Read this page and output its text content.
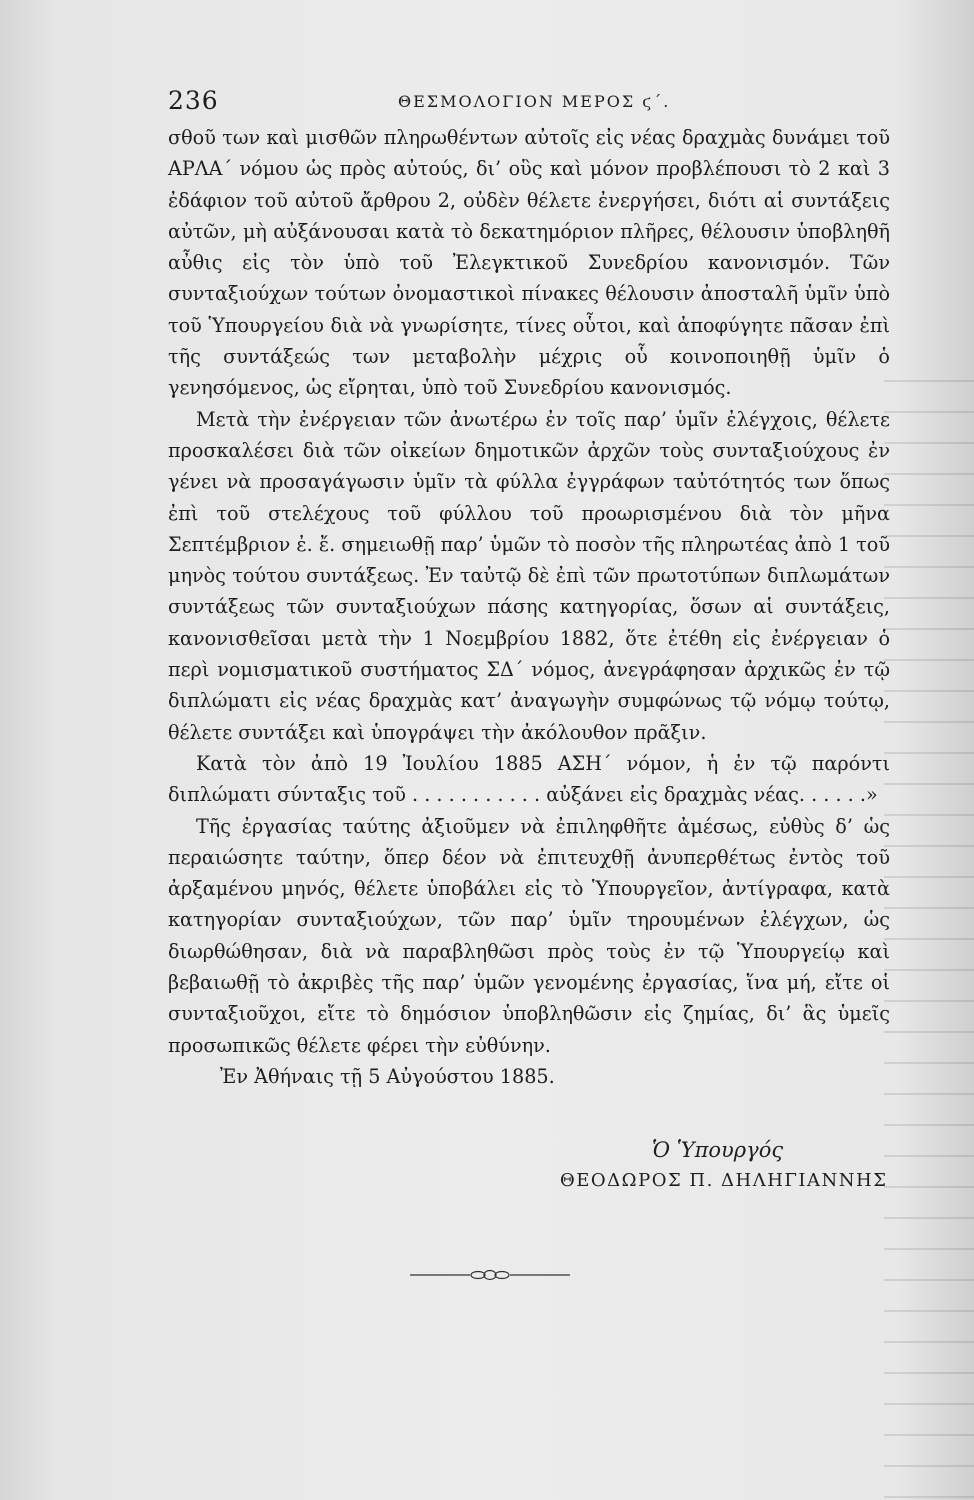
236	ΘΕΣΜΟΛΟΓΙΟΝ ΜΕΡΟΣ ϛ΄.

σθοῦ των καὶ μισθῶν πληρωθέντων αὐτοῖς εἰς νέας δραχμὰς δυνάμει τοῦ ΑΡΛΑ΄ νόμου ὡς πρὸς αὐτούς, δι’ οὓς καὶ μόνον προβλέπουσι τὸ 2 καὶ 3 ἐδάφιον τοῦ αὐτοῦ ἄρθρου 2, οὐδὲν θέλετε ἐνεργήσει, διότι αἱ συντάξεις αὐτῶν, μὴ αὐξάνουσαι κατὰ τὸ δεκατημόριον πλῆρες, θέλουσιν ὑποβληθῆ αὖθις εἰς τὸν ὑπὸ τοῦ Ἐλεγκτικοῦ Συνεδρίου κανονισμόν. Τῶν συνταξιούχων τούτων ὀνομαστικοὶ πίνακες θέλουσιν ἀποσταλῆ ὑμῖν ὑπὸ τοῦ Ὑπουργείου διὰ νὰ γνωρίσητε, τίνες οὗτοι, καὶ ἀποφύγητε πᾶσαν ἐπὶ τῆς συντάξεώς των μεταβολὴν μέχρις οὗ κοινοποιηθῇ ὑμῖν ὁ γενησόμενος, ὡς εἴρηται, ὑπὸ τοῦ Συνεδρίου κανονισμός.

Μετὰ τὴν ἐνέργειαν τῶν ἀνωτέρω ἐν τοῖς παρ’ ὑμῖν ἐλέγχοις, θέλετε προσκαλέσει διὰ τῶν οἰκείων δημοτικῶν ἀρχῶν τοὺς συνταξιούχους ἐν γένει νὰ προσαγάγωσιν ὑμῖν τὰ φύλλα ἐγγράφων ταὐτότητός των ὅπως ἐπὶ τοῦ στελέχους τοῦ φύλλου τοῦ προωρισμένου διὰ τὸν μῆνα Σεπτέμβριον ἐ. ἔ. σημειωθῇ παρ’ ὑμῶν τὸ ποσὸν τῆς πληρωτέας ἀπὸ 1 τοῦ μηνὸς τούτου συντάξεως. Ἐν ταὐτῷ δὲ ἐπὶ τῶν πρωτοτύπων διπλωμάτων συντάξεως τῶν συνταξιούχων πάσης κατηγορίας, ὅσων αἱ συντάξεις, κανονισθεῖσαι μετὰ τὴν 1 Νοεμβρίου 1882, ὅτε ἐτέθη εἰς ἐνέργειαν ὁ περὶ νομισματικοῦ συστήματος ΣΔ΄ νόμος, ἀνεγράφησαν ἀρχικῶς ἐν τῷ διπλώματι εἰς νέας δραχμὰς κατ’ ἀναγωγὴν συμφώνως τῷ νόμῳ τούτῳ, θέλετε συντάξει καὶ ὑπογράψει τὴν ἀκόλουθον πρᾶξιν.

Κατὰ τὸν ἀπὸ 19 Ἰουλίου 1885 ΑΣΗ΄ νόμον, ἡ ἐν τῷ παρόντι διπλώματι σύνταξις τοῦ . . . . . . . . . . . αὐξάνει εἰς δραχμὰς νέας. . . . . .»

Τῆς ἐργασίας ταύτης ἀξιοῦμεν νὰ ἐπιληφθῆτε ἀμέσως, εὐθὺς δ’ ὡς περαιώσητε ταύτην, ὅπερ δέον νὰ ἐπιτευχθῇ ἀνυπερθέτως ἐντὸς τοῦ ἀρξαμένου μηνός, θέλετε ὑποβάλει εἰς τὸ Ὑπουργεῖον, ἀντίγραφα, κατὰ κατηγορίαν συνταξιούχων, τῶν παρ’ ὑμῖν τηρουμένων ἐλέγχων, ὡς διωρθώθησαν, διὰ νὰ παραβληθῶσι πρὸς τοὺς ἐν τῷ Ὑπουργείῳ καὶ βεβαιωθῇ τὸ ἀκριβὲς τῆς παρ’ ὑμῶν γενομένης ἐργασίας, ἵνα μή, εἴτε οἱ συνταξιοῦχοι, εἴτε τὸ δημόσιον ὑποβληθῶσιν εἰς ζημίας, δι’ ἃς ὑμεῖς προσωπικῶς θέλετε φέρει τὴν εὐθύνην.

Ἐν Ἀθήναις τῇ 5 Αὐγούστου 1885.

Ὁ Ὑπουργός
ΘΕΟΔΩΡΟΣ Π. ΔΗΛΗΓΙΑΝΝΗΣ
